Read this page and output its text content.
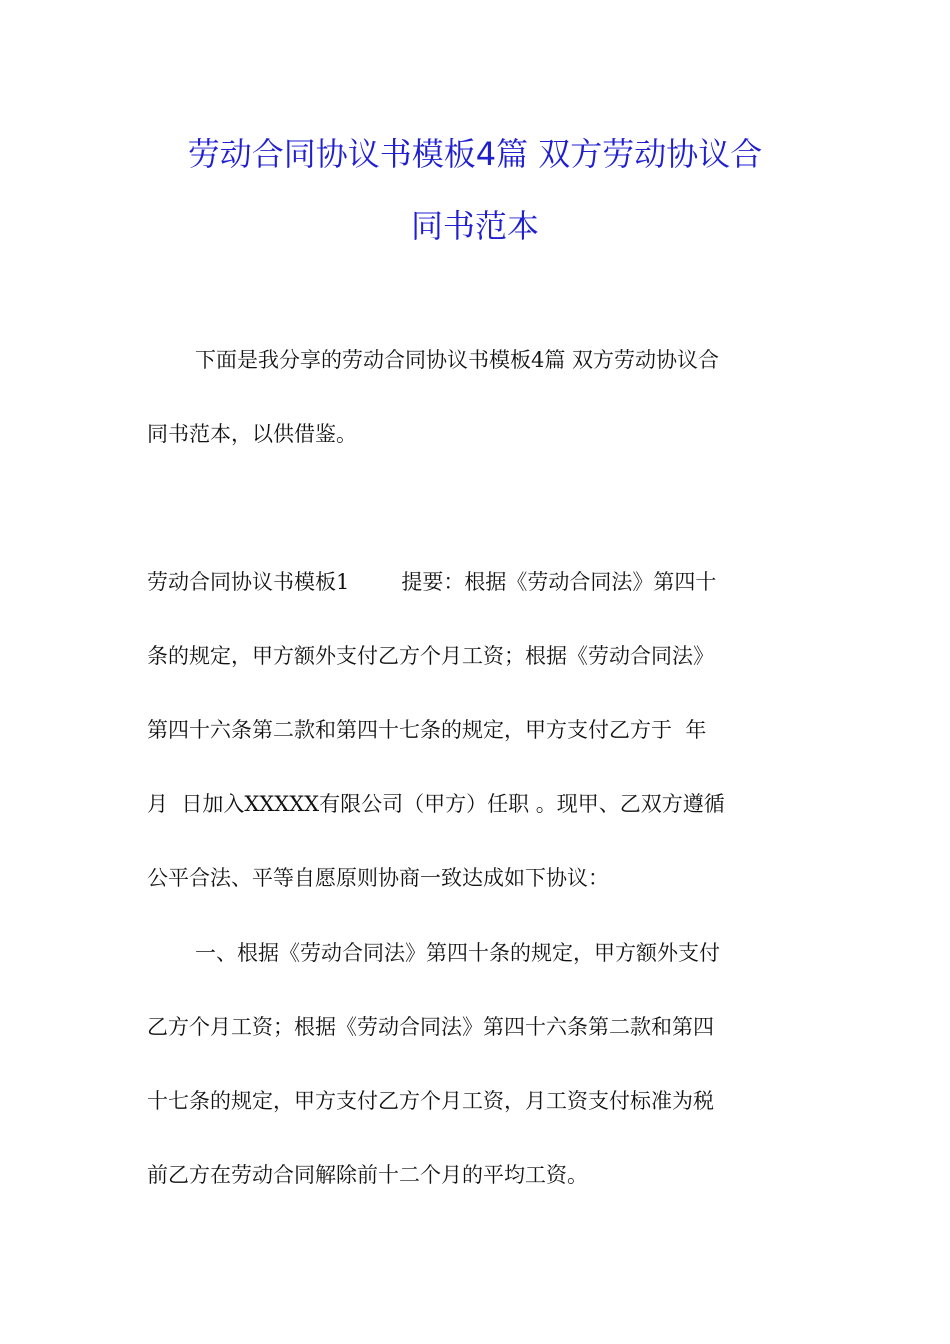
劳动合同协议书模板4篇 双方劳动协议合
同书范本
下面是我分享的劳动合同协议书模板4篇 双方劳动协议合
同书范本，以供借鉴。
劳动合同协议书模板1 提要：根据《劳动合同法》第四十
条的规定，甲方额外支付乙方个月工资；根据《劳动合同法》
第四十六条第二款和第四十七条的规定，甲方支付乙方于  年
月  日加入XXXXX有限公司（甲方）任职 。现甲、乙双方遵循
公平合法、平等自愿原则协商一致达成如下协议：
一、根据《劳动合同法》第四十条的规定，甲方额外支付
乙方个月工资；根据《劳动合同法》第四十六条第二款和第四
十七条的规定，甲方支付乙方个月工资，月工资支付标准为税
前乙方在劳动合同解除前十二个月的平均工资。
